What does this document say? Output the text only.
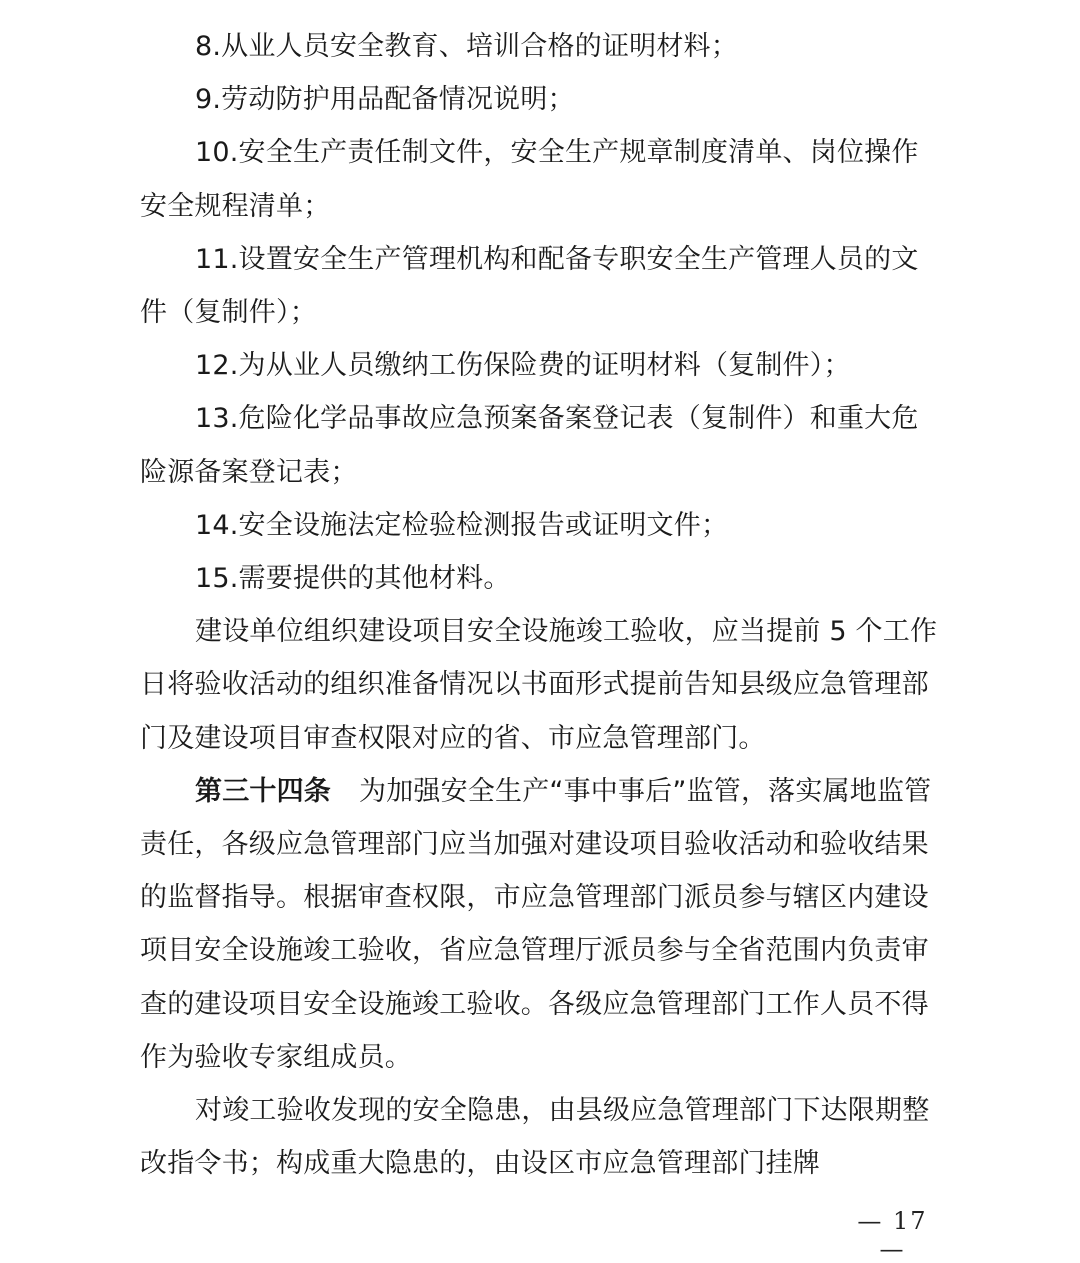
8.从业人员安全教育、培训合格的证明材料；

9.劳动防护用品配备情况说明；

10.安全生产责任制文件，安全生产规章制度清单、岗位操作安全规程清单；

11.设置安全生产管理机构和配备专职安全生产管理人员的文件（复制件）；

12.为从业人员缴纳工伤保险费的证明材料（复制件）；

13.危险化学品事故应急预案备案登记表（复制件）和重大危险源备案登记表；

14.安全设施法定检验检测报告或证明文件；

15.需要提供的其他材料。

建设单位组织建设项目安全设施竣工验收，应当提前 5 个工作日将验收活动的组织准备情况以书面形式提前告知县级应急管理部门及建设项目审查权限对应的省、市应急管理部门。

第三十四条 为加强安全生产“事中事后”监管，落实属地监管责任，各级应急管理部门应当加强对建设项目验收活动和验收结果的监督指导。根据审查权限，市应急管理部门派员参与辖区内建设项目安全设施竣工验收，省应急管理厅派员参与全省范围内负责审查的建设项目安全设施竣工验收。各级应急管理部门工作人员不得作为验收专家组成员。

对竣工验收发现的安全隐患，由县级应急管理部门下达限期整改指令书；构成重大隐患的，由设区市应急管理部门挂牌

— 17 —
